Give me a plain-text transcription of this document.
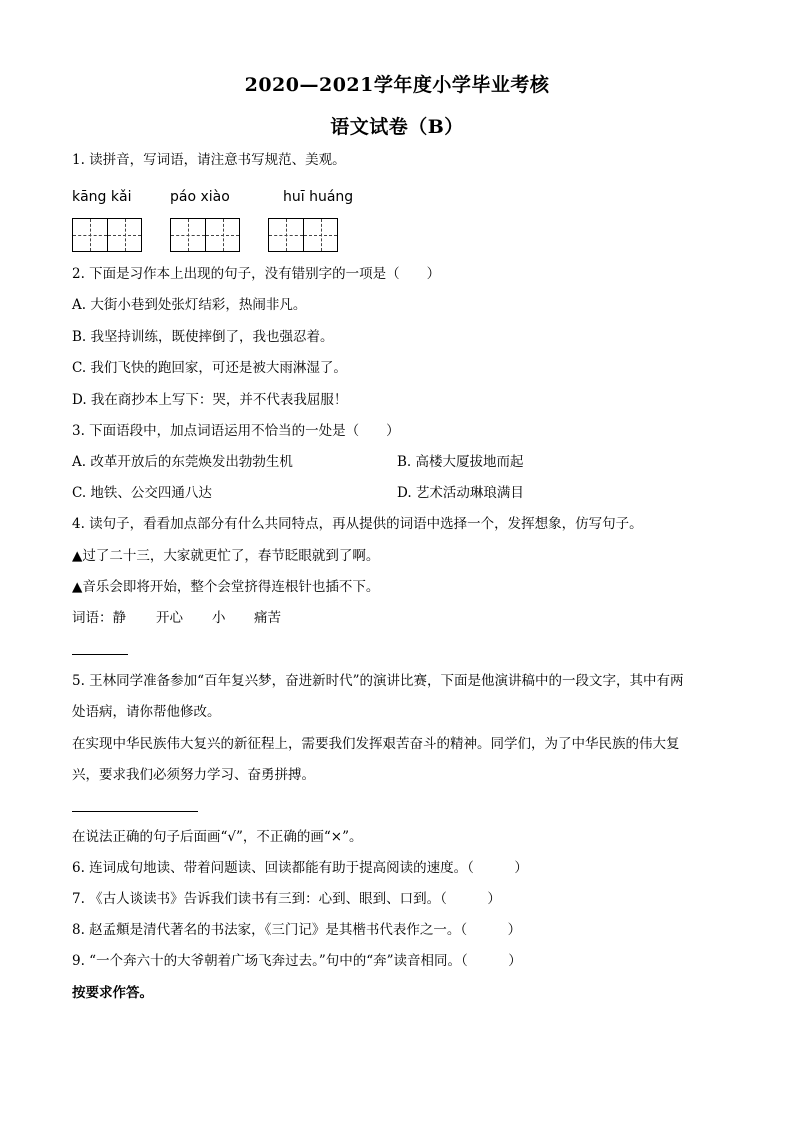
2020—2021学年度小学毕业考核
语文试卷（B）
1. 读拼音，写词语，请注意书写规范、美观。
kāng kǎi	páo xiào	huī huáng
2. 下面是习作本上出现的句子，没有错别字的一项是（　　）
A. 大街小巷到处张灯结彩，热闹非凡。
B. 我坚持训练，既使摔倒了，我也强忍着。
C. 我们飞快的跑回家，可还是被大雨淋湿了。
D. 我在商抄本上写下：哭，并不代表我屈服！
3. 下面语段中，加点词语运用不恰当的一处是（　　）
A. 改革开放后的东莞焕发出勃勃生机	B. 高楼大厦拔地而起
C. 地铁、公交四通八达	D. 艺术活动琳琅满目
4. 读句子，看看加点部分有什么共同特点，再从提供的词语中选择一个，发挥想象，仿写句子。
▲过了二十三，大家就更忙了，春节眨眼就到了啊。
▲音乐会即将开始，整个会堂挤得连根针也插不下。
词语：静 开心 小 痛苦
5. 王林同学准备参加“百年复兴梦，奋进新时代”的演讲比赛，下面是他演讲稿中的一段文字，其中有两
处语病，请你帮他修改。
在实现中华民族伟大复兴的新征程上，需要我们发挥艰苦奋斗的精神。同学们，为了中华民族的伟大复
兴，要求我们必须努力学习、奋勇拼搏。
在说法正确的句子后面画“√”，不正确的画“×”。
6. 连词成句地读、带着问题读、回读都能有助于提高阅读的速度。（　　　）
7. 《古人谈读书》告诉我们读书有三到：心到、眼到、口到。（　　　）
8. 赵孟頫是清代著名的书法家，《三门记》是其楷书代表作之一。（　　　）
9. “一个奔六十的大爷朝着广场飞奔过去。”句中的“奔”读音相同。（　　　）
按要求作答。
